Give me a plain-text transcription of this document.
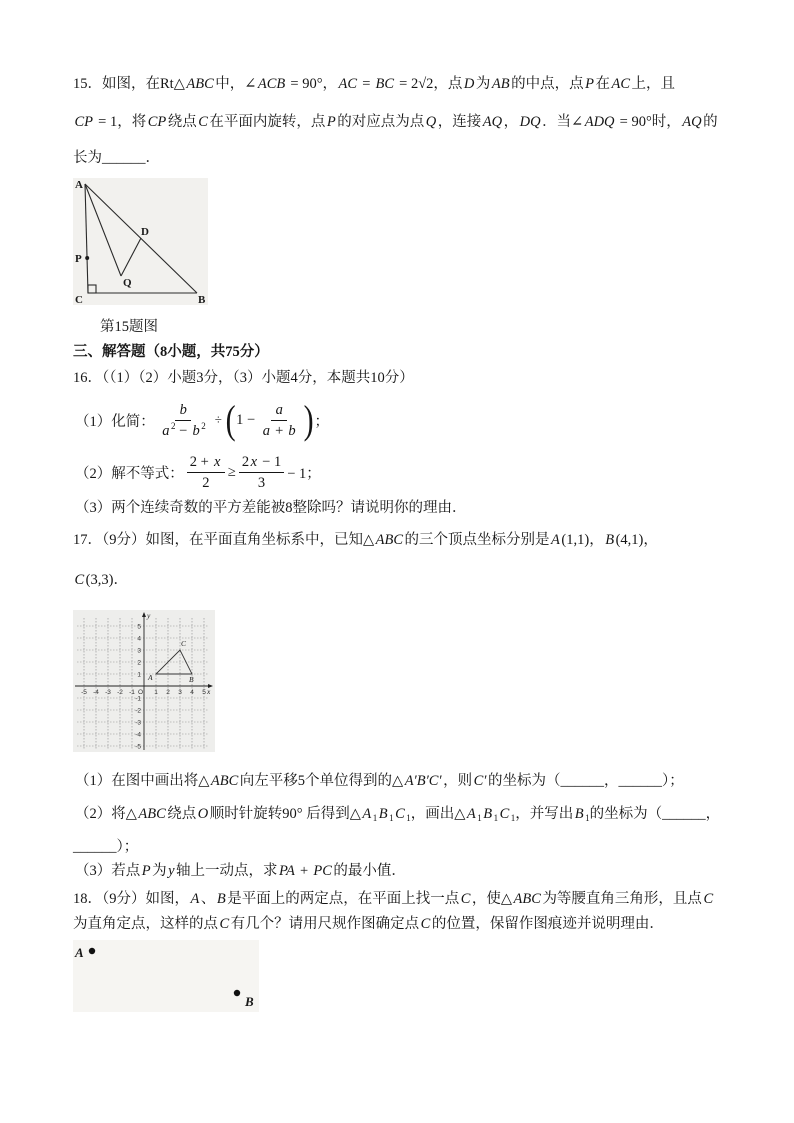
15．如图，在Rt△ ABC 中，∠ ACB = 90°， AC = BC = 2√2，点 D 为 AB 的中点，点 P 在 AC 上，且
CP = 1，将 CP 绕点 C 在平面内旋转，点 P 的对应点为点 Q ，连接 AQ ， DQ ．当∠ ADQ = 90°时， AQ 的
长为______．
A
D
P
Q
C	B
第15题图
三、解答题（8小题，共75分）
16．（（1）（2）小题3分，（3）小题4分，本题共10分）
（1）化简： $\frac{b}{a ^2 - b ^2}$ ÷ ( $1 - \frac{a}{a + b}$ ) ；
（2）解不等式： $\frac{2 + x}{2} \ge \frac{2 x - 1}{3} - 1$；
（3）两个连续奇数的平方差能被8整除吗？请说明你的理由．
17．（9分）如图，在平面直角坐标系中，已知△ ABC 的三个顶点坐标分别是 A (1,1)， B (4,1)，
C (3,3)．
x
y
O
-5 -4 -3 -2 -1	1 2 3 4 5
5
4
3
2
1
-1
-2
-3
-4
-5
A	B
C
（1）在图中画出将△ ABC 向左平移5个单位得到的△ A′B′C′ ，则 C′ 的坐标为（______，______）；
（2）将△ ABC 绕点 O 顺时针旋转90° 后得到△ A $_1$ B $_1$ C $_1$，画出△ A $_1$ B $_1$ C $_1$，并写出 B $_1$的坐标为（______，
______）；
（3）若点 P 为 y 轴上一动点，求 PA + PC 的最小值．
18．（9分）如图， A 、 B 是平面上的两定点，在平面上找一点 C ，使△ ABC 为等腰直角三角形，且点 C
为直角定点，这样的点 C 有几个？请用尺规作图确定点 C 的位置，保留作图痕迹并说明理由．
A
B
